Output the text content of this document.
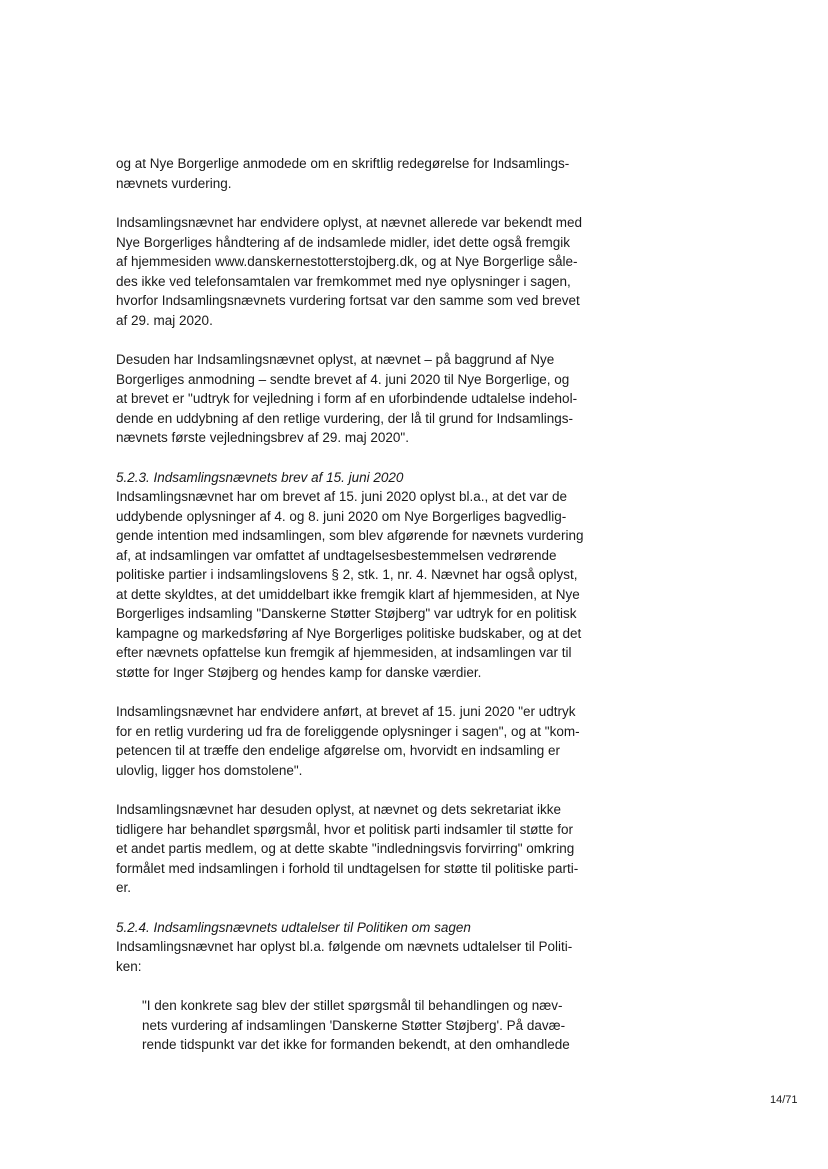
og at Nye Borgerlige anmodede om en skriftlig redegørelse for Indsamlings-
nævnets vurdering.
Indsamlingsnævnet har endvidere oplyst, at nævnet allerede var bekendt med
Nye Borgerliges håndtering af de indsamlede midler, idet dette også fremgik
af hjemmesiden www.danskernestotterstojberg.dk, og at Nye Borgerlige såle-
des ikke ved telefonsamtalen var fremkommet med nye oplysninger i sagen,
hvorfor Indsamlingsnævnets vurdering fortsat var den samme som ved brevet
af 29. maj 2020.
Desuden har Indsamlingsnævnet oplyst, at nævnet – på baggrund af Nye
Borgerliges anmodning – sendte brevet af 4. juni 2020 til Nye Borgerlige, og
at brevet er "udtryk for vejledning i form af en uforbindende udtalelse indehol-
dende en uddybning af den retlige vurdering, der lå til grund for Indsamlings-
nævnets første vejledningsbrev af 29. maj 2020".
5.2.3. Indsamlingsnævnets brev af 15. juni 2020
Indsamlingsnævnet har om brevet af 15. juni 2020 oplyst bl.a., at det var de
uddybende oplysninger af 4. og 8. juni 2020 om Nye Borgerliges bagvedlig-
gende intention med indsamlingen, som blev afgørende for nævnets vurdering
af, at indsamlingen var omfattet af undtagelsesbestemmelsen vedrørende
politiske partier i indsamlingslovens § 2, stk. 1, nr. 4. Nævnet har også oplyst,
at dette skyldtes, at det umiddelbart ikke fremgik klart af hjemmesiden, at Nye
Borgerliges indsamling "Danskerne Støtter Støjberg" var udtryk for en politisk
kampagne og markedsføring af Nye Borgerliges politiske budskaber, og at det
efter nævnets opfattelse kun fremgik af hjemmesiden, at indsamlingen var til
støtte for Inger Støjberg og hendes kamp for danske værdier.
Indsamlingsnævnet har endvidere anført, at brevet af 15. juni 2020 "er udtryk
for en retlig vurdering ud fra de foreliggende oplysninger i sagen", og at "kom-
petencen til at træffe den endelige afgørelse om, hvorvidt en indsamling er
ulovlig, ligger hos domstolene".
Indsamlingsnævnet har desuden oplyst, at nævnet og dets sekretariat ikke
tidligere har behandlet spørgsmål, hvor et politisk parti indsamler til støtte for
et andet partis medlem, og at dette skabte "indledningsvis forvirring" omkring
formålet med indsamlingen i forhold til undtagelsen for støtte til politiske parti-
er.
5.2.4. Indsamlingsnævnets udtalelser til Politiken om sagen
Indsamlingsnævnet har oplyst bl.a. følgende om nævnets udtalelser til Politi-
ken:
"I den konkrete sag blev der stillet spørgsmål til behandlingen og næv-
nets vurdering af indsamlingen 'Danskerne Støtter Støjberg'. På davæ-
rende tidspunkt var det ikke for formanden bekendt, at den omhandlede
14/71
